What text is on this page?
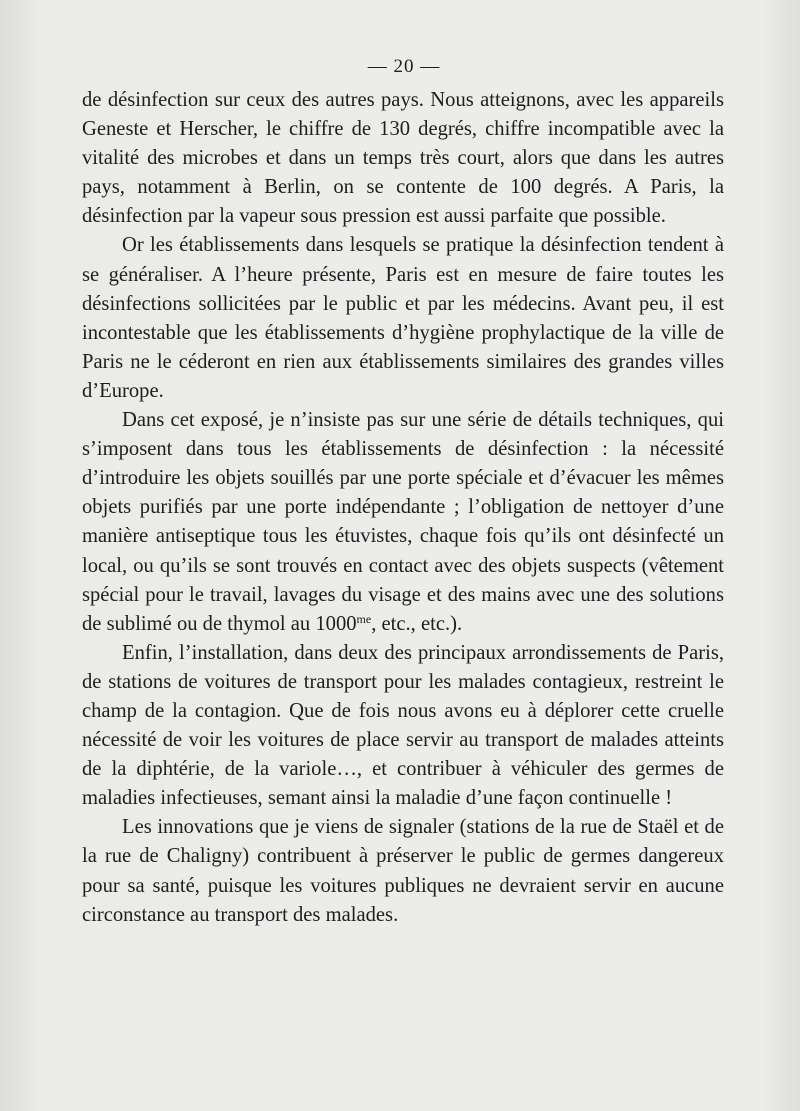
— 20 —

de désinfection sur ceux des autres pays. Nous atteignons, avec les appareils Geneste et Herscher, le chiffre de 130 degrés, chiffre incompatible avec la vitalité des microbes et dans un temps très court, alors que dans les autres pays, notamment à Berlin, on se contente de 100 degrés. A Paris, la désinfection par la vapeur sous pression est aussi parfaite que possible.

Or les établissements dans lesquels se pratique la désinfection tendent à se généraliser. A l’heure présente, Paris est en mesure de faire toutes les désinfections sollicitées par le public et par les médecins. Avant peu, il est incontestable que les établissements d’hygiène prophylactique de la ville de Paris ne le céderont en rien aux établissements similaires des grandes villes d’Europe.

Dans cet exposé, je n’insiste pas sur une série de détails techniques, qui s’imposent dans tous les établissements de désinfection : la nécessité d’introduire les objets souillés par une porte spéciale et d’évacuer les mêmes objets purifiés par une porte indépendante ; l’obligation de nettoyer d’une manière antiseptique tous les étuvistes, chaque fois qu’ils ont désinfecté un local, ou qu’ils se sont trouvés en contact avec des objets suspects (vêtement spécial pour le travail, lavages du visage et des mains avec une des solutions de sublimé ou de thymol au $1000^{me}$, etc., etc.).

Enfin, l’installation, dans deux des principaux arrondissements de Paris, de stations de voitures de transport pour les malades contagieux, restreint le champ de la contagion. Que de fois nous avons eu à déplorer cette cruelle nécessité de voir les voitures de place servir au transport de malades atteints de la diphtérie, de la variole…, et contribuer à véhiculer des germes de maladies infectieuses, semant ainsi la maladie d’une façon continuelle !

Les innovations que je viens de signaler (stations de la rue de Staël et de la rue de Chaligny) contribuent à préserver le public de germes dangereux pour sa santé, puisque les voitures publiques ne devraient servir en aucune circonstance au transport des malades.
